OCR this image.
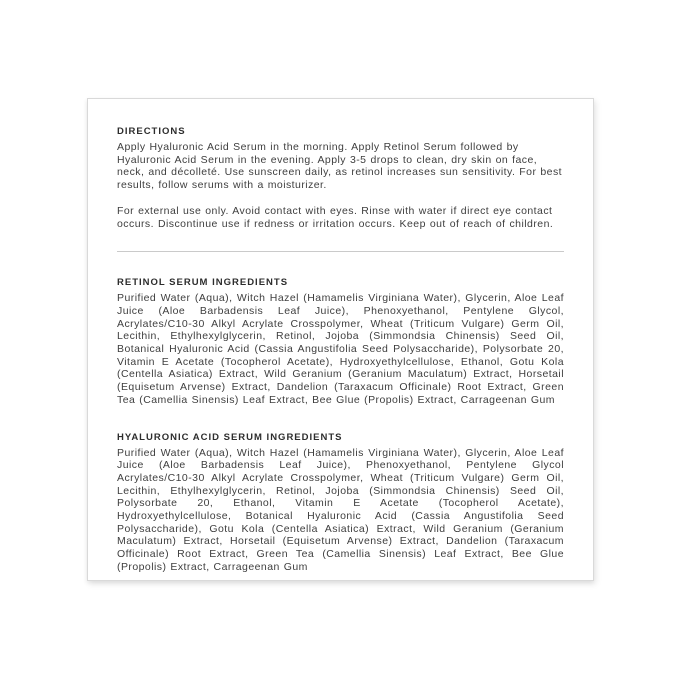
DIRECTIONS

Apply Hyaluronic Acid Serum in the morning. Apply Retinol Serum followed by Hyaluronic Acid Serum in the evening. Apply 3-5 drops to clean, dry skin on face, neck, and décolleté. Use sunscreen daily, as retinol increases sun sensitivity. For best results, follow serums with a moisturizer.

For external use only. Avoid contact with eyes. Rinse with water if direct eye contact occurs. Discontinue use if redness or irritation occurs. Keep out of reach of children.

RETINOL SERUM INGREDIENTS

Purified Water (Aqua), Witch Hazel (Hamamelis Virginiana Water), Glycerin, Aloe Leaf Juice (Aloe Barbadensis Leaf Juice), Phenoxyethanol, Pentylene Glycol, Acrylates/C10-30 Alkyl Acrylate Crosspolymer, Wheat (Triticum Vulgare) Germ Oil, Lecithin, Ethylhexylglycerin, Retinol, Jojoba (Simmondsia Chinensis) Seed Oil, Botanical Hyaluronic Acid (Cassia Angustifolia Seed Polysaccharide), Polysorbate 20, Vitamin E Acetate (Tocopherol Acetate), Hydroxyethylcellulose, Ethanol, Gotu Kola (Centella Asiatica) Extract, Wild Geranium (Geranium Maculatum) Extract, Horsetail (Equisetum Arvense) Extract, Dandelion (Taraxacum Officinale) Root Extract, Green Tea (Camellia Sinensis) Leaf Extract, Bee Glue (Propolis) Extract, Carrageenan Gum

HYALURONIC ACID SERUM INGREDIENTS

Purified Water (Aqua), Witch Hazel (Hamamelis Virginiana Water), Glycerin, Aloe Leaf Juice (Aloe Barbadensis Leaf Juice), Phenoxyethanol, Pentylene Glycol Acrylates/C10-30 Alkyl Acrylate Crosspolymer, Wheat (Triticum Vulgare) Germ Oil, Lecithin, Ethylhexylglycerin, Retinol, Jojoba (Simmondsia Chinensis) Seed Oil, Polysorbate 20, Ethanol, Vitamin E Acetate (Tocopherol Acetate), Hydroxyethylcellulose, Botanical Hyaluronic Acid (Cassia Angustifolia Seed Polysaccharide), Gotu Kola (Centella Asiatica) Extract, Wild Geranium (Geranium Maculatum) Extract, Horsetail (Equisetum Arvense) Extract, Dandelion (Taraxacum Officinale) Root Extract, Green Tea (Camellia Sinensis) Leaf Extract, Bee Glue (Propolis) Extract, Carrageenan Gum
